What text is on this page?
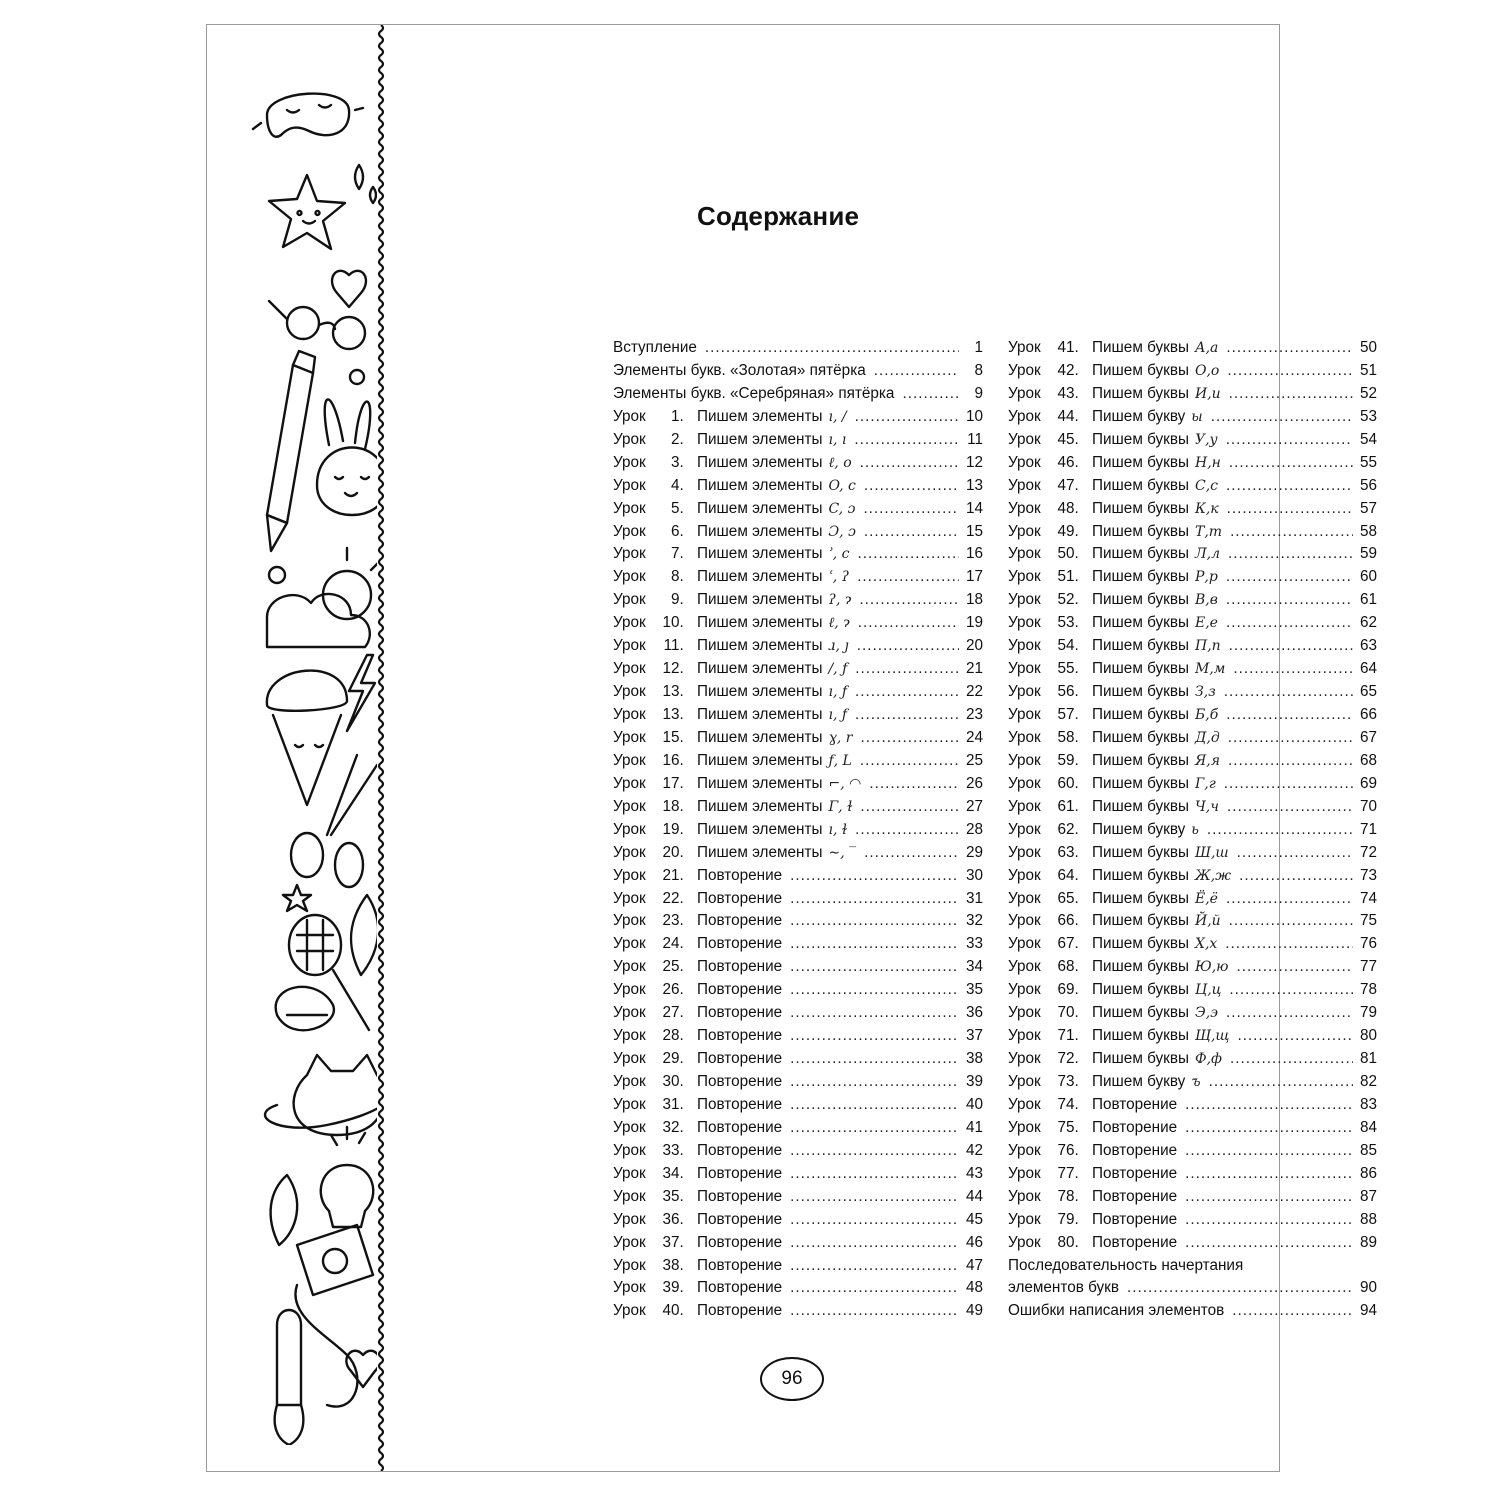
Содержание
Вступление .....	1
Элементы букв. «Золотая» пятёрка .....	8
Элементы букв. «Серебряная» пятёрка .....	9
Урок 1. Пишем элементы ı, / .....	10
Урок 2. Пишем элементы ı, ı .....	11
Урок 3. Пишем элементы ℓ, o .....	12
Урок 4. Пишем элементы O, c .....	13
Урок 5. Пишем элементы C, ɔ .....	14
Урок 6. Пишем элементы Ɔ, ɔ .....	15
Урок 7. Пишем элементы ʾ, c .....	16
Урок 8. Пишем элементы ʿ, ʔ .....	17
Урок 9. Пишем элементы ʔ, ɂ .....	18
Урок 10. Пишем элементы ℓ, ɂ .....	19
Урок 11. Пишем элементы ɹ, ȷ .....	20
Урок 12. Пишем элементы /, ƒ .....	21
Урок 13. Пишем элементы ı, ƒ .....	22
Урок 13. Пишем элементы ı, ƒ .....	23
Урок 15. Пишем элементы ɣ, r .....	24
Урок 16. Пишем элементы ƒ, L .....	25
Урок 17. Пишем элементы ⌐, ◠ .....	26
Урок 18. Пишем элементы Γ, ɫ .....	27
Урок 19. Пишем элементы ı, ɫ .....	28
Урок 20. Пишем элементы ∼, ‾ .....	29
Урок 21. Повторение .....	30
Урок 22. Повторение .....	31
Урок 23. Повторение .....	32
Урок 24. Повторение .....	33
Урок 25. Повторение .....	34
Урок 26. Повторение .....	35
Урок 27. Повторение .....	36
Урок 28. Повторение .....	37
Урок 29. Повторение .....	38
Урок 30. Повторение .....	39
Урок 31. Повторение .....	40
Урок 32. Повторение .....	41
Урок 33. Повторение .....	42
Урок 34. Повторение .....	43
Урок 35. Повторение .....	44
Урок 36. Повторение .....	45
Урок 37. Повторение .....	46
Урок 38. Повторение .....	47
Урок 39. Повторение .....	48
Урок 40. Повторение .....	49
Урок 41. Пишем буквы А,а .....	50
Урок 42. Пишем буквы О,о .....	51
Урок 43. Пишем буквы И,и .....	52
Урок 44. Пишем букву ы .....	53
Урок 45. Пишем буквы У,у .....	54
Урок 46. Пишем буквы Н,н .....	55
Урок 47. Пишем буквы С,с .....	56
Урок 48. Пишем буквы К,к .....	57
Урок 49. Пишем буквы Т,т .....	58
Урок 50. Пишем буквы Л,л .....	59
Урок 51. Пишем буквы Р,р .....	60
Урок 52. Пишем буквы В,в .....	61
Урок 53. Пишем буквы Е,е .....	62
Урок 54. Пишем буквы П,п .....	63
Урок 55. Пишем буквы М,м .....	64
Урок 56. Пишем буквы З,з .....	65
Урок 57. Пишем буквы Б,б .....	66
Урок 58. Пишем буквы Д,д .....	67
Урок 59. Пишем буквы Я,я .....	68
Урок 60. Пишем буквы Г,г .....	69
Урок 61. Пишем буквы Ч,ч .....	70
Урок 62. Пишем букву ь .....	71
Урок 63. Пишем буквы Ш,ш .....	72
Урок 64. Пишем буквы Ж,ж .....	73
Урок 65. Пишем буквы Ё,ё .....	74
Урок 66. Пишем буквы Й,й .....	75
Урок 67. Пишем буквы Х,х .....	76
Урок 68. Пишем буквы Ю,ю .....	77
Урок 69. Пишем буквы Ц,ц .....	78
Урок 70. Пишем буквы Э,э .....	79
Урок 71. Пишем буквы Щ,щ .....	80
Урок 72. Пишем буквы Ф,ф .....	81
Урок 73. Пишем букву ъ .....	82
Урок 74. Повторение .....	83
Урок 75. Повторение .....	84
Урок 76. Повторение .....	85
Урок 77. Повторение .....	86
Урок 78. Повторение .....	87
Урок 79. Повторение .....	88
Урок 80. Повторение .....	89
Последовательность начертания
элементов букв .....	90
Ошибки написания элементов .....	94
96
